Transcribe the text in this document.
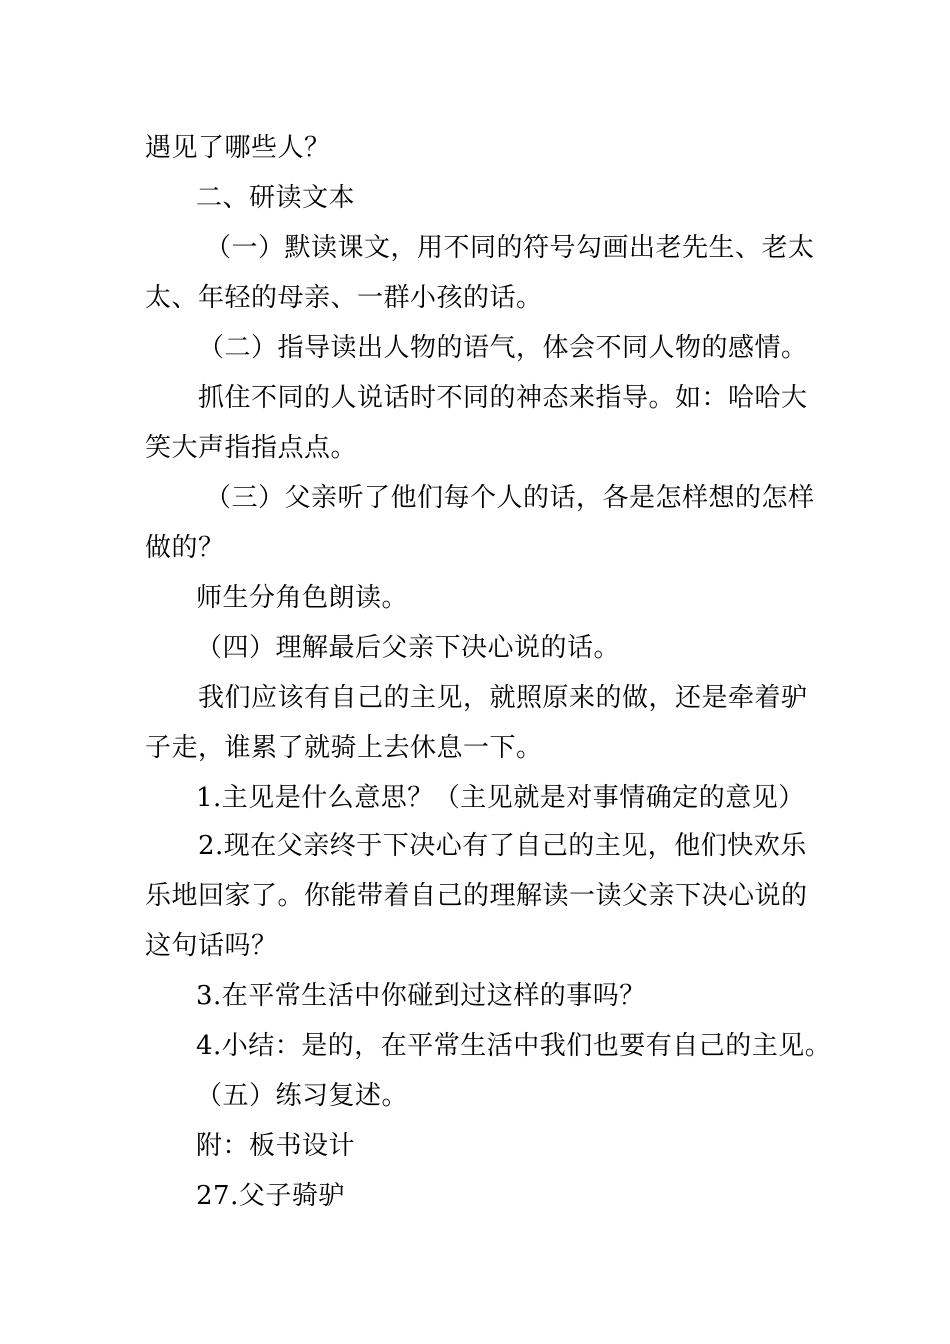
遇见了哪些人？
二、研读文本
（一）默读课文，用不同的符号勾画出老先生、老太
太、年轻的母亲、一群小孩的话。
（二）指导读出人物的语气，体会不同人物的感情。
抓住不同的人说话时不同的神态来指导。如：哈哈大
笑大声指指点点。
（三）父亲听了他们每个人的话，各是怎样想的怎样
做的？
师生分角色朗读。
（四）理解最后父亲下决心说的话。
我们应该有自己的主见，就照原来的做，还是牵着驴
子走，谁累了就骑上去休息一下。
1.主见是什么意思？（主见就是对事情确定的意见）
2.现在父亲终于下决心有了自己的主见，他们快欢乐
乐地回家了。你能带着自己的理解读一读父亲下决心说的
这句话吗？
3.在平常生活中你碰到过这样的事吗？
4.小结：是的，在平常生活中我们也要有自己的主见。
（五）练习复述。
附：板书设计
27.父子骑驴
